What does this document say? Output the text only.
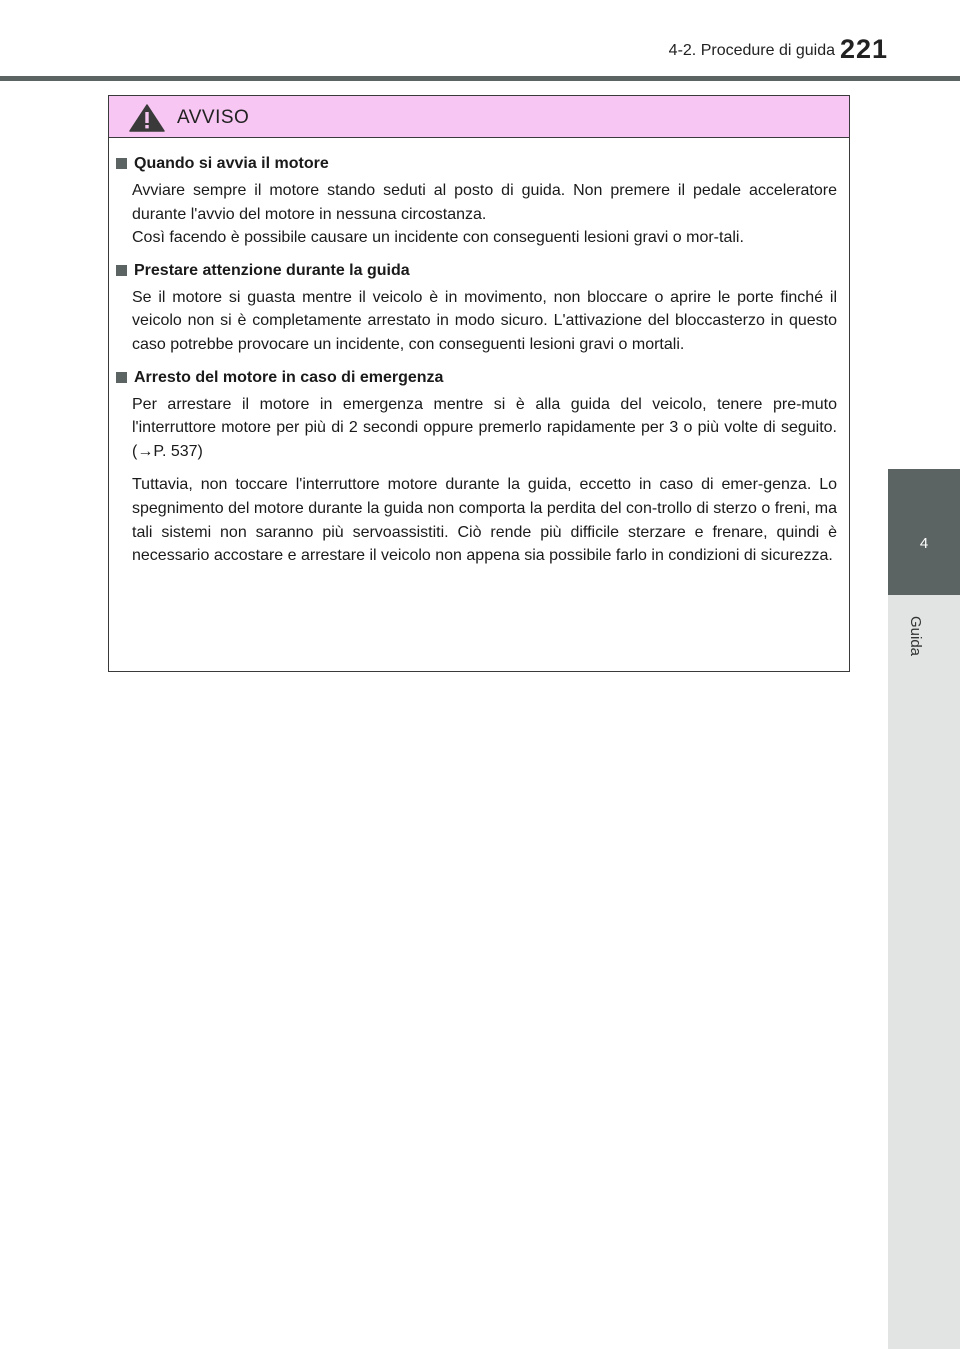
4-2. Procedure di guida 221
4
Guida
AVVISO
Quando si avvia il motore

Avviare sempre il motore stando seduti al posto di guida. Non premere il pedale acceleratore durante l'avvio del motore in nessuna circostanza.
Così facendo è possibile causare un incidente con conseguenti lesioni gravi o mor-tali.

Prestare attenzione durante la guida

Se il motore si guasta mentre il veicolo è in movimento, non bloccare o aprire le porte finché il veicolo non si è completamente arrestato in modo sicuro. L'attivazione del bloccasterzo in questo caso potrebbe provocare un incidente, con conseguenti lesioni gravi o mortali.

Arresto del motore in caso di emergenza

Per arrestare il motore in emergenza mentre si è alla guida del veicolo, tenere pre-muto l'interruttore motore per più di 2 secondi oppure premerlo rapidamente per 3 o più volte di seguito. (→P. 537)

Tuttavia, non toccare l'interruttore motore durante la guida, eccetto in caso di emer-genza. Lo spegnimento del motore durante la guida non comporta la perdita del con-trollo di sterzo o freni, ma tali sistemi non saranno più servoassistiti. Ciò rende più difficile sterzare e frenare, quindi è necessario accostare e arrestare il veicolo non appena sia possibile farlo in condizioni di sicurezza.
